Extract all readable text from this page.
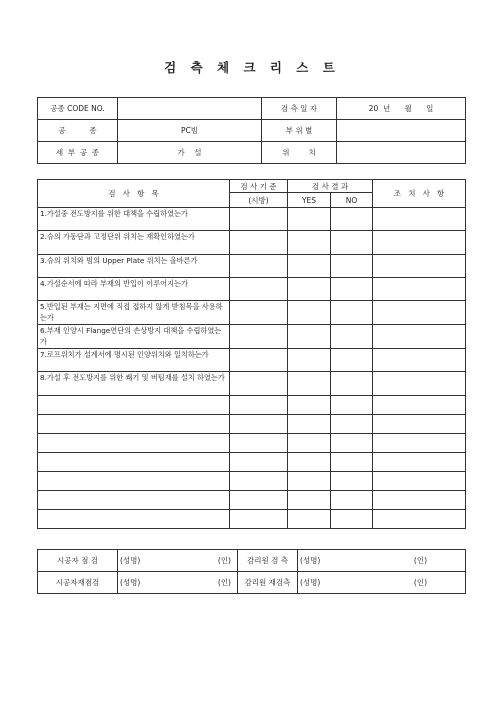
검 측 체 크 리 스 트
공종 CODE NO.		검 측 일 자	20  년      월      일
공          종	PC빔	부 위 별	
세  부  공  종	가    설	위        치	
검   사   항   목	검 사 기 준	검 사 결 과		조   치   사   항
	(시방)	YES	NO	
1.가설중 전도방지를 위한 대책을 수립하였는가				
2.슈의 가동단과 고정단위 위치는 재확인하였는가				
3.슈의 위치와 빔의 Upper Plate 위치는 올바른가				
4.가설순서에 따라 부재의 반입이 이루어지는가				
5.반입된 부재는 지면에 직접 접하지 않게 받침목을 사용하는가				
6.부재 인양시 Flange연단의 손상방지 대책을 수립하였는가				
7.로프위치가 설계서에 명시된 인양위치와 일치하는가				
8.가설 후 전도방지를 위한 쐐기 및 버팀재를 설치 하였는가				

시공자 점 검	(성명) (인)	감리원 검 측	(성명) (인)

시공자재점검	(성명) (인)	감리원 재검측	(성명) (인)
